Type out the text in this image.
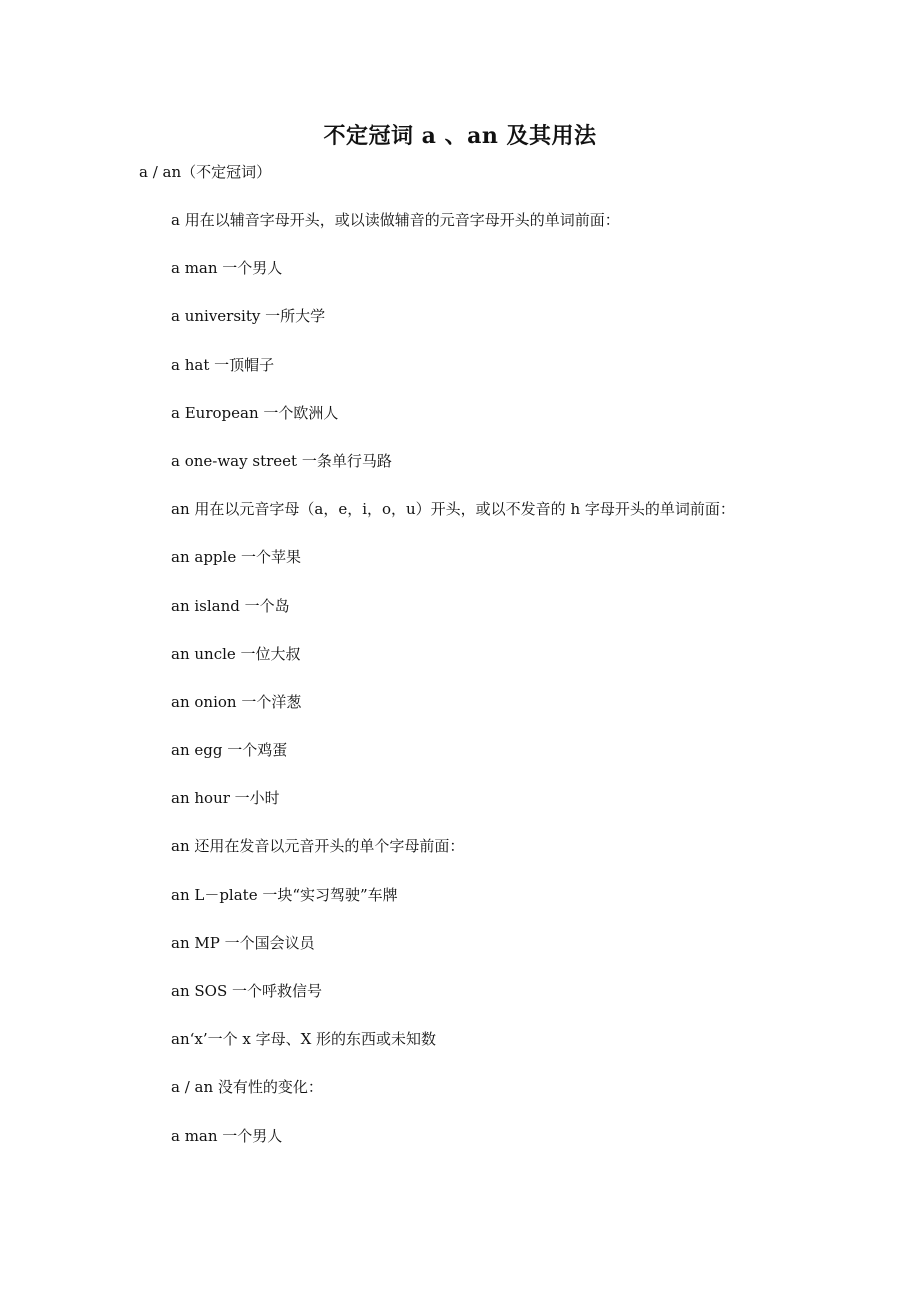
不定冠词 a 、an 及其用法
a / an（不定冠词）
a 用在以辅音字母开头，或以读做辅音的元音字母开头的单词前面：
a man 一个男人
a university 一所大学
a hat 一顶帽子
a European 一个欧洲人
a one-way street 一条单行马路
an 用在以元音字母（a，e，i，o，u）开头，或以不发音的 h 字母开头的单词前面：
an apple 一个苹果
an island 一个岛
an uncle 一位大叔
an onion 一个洋葱
an egg 一个鸡蛋
an hour 一小时
an 还用在发音以元音开头的单个字母前面：
an L－plate 一块“实习驾驶”车牌
an MP 一个国会议员
an SOS 一个呼救信号
an‘x’一个 x 字母、X 形的东西或未知数
a / an 没有性的变化：
a man 一个男人
